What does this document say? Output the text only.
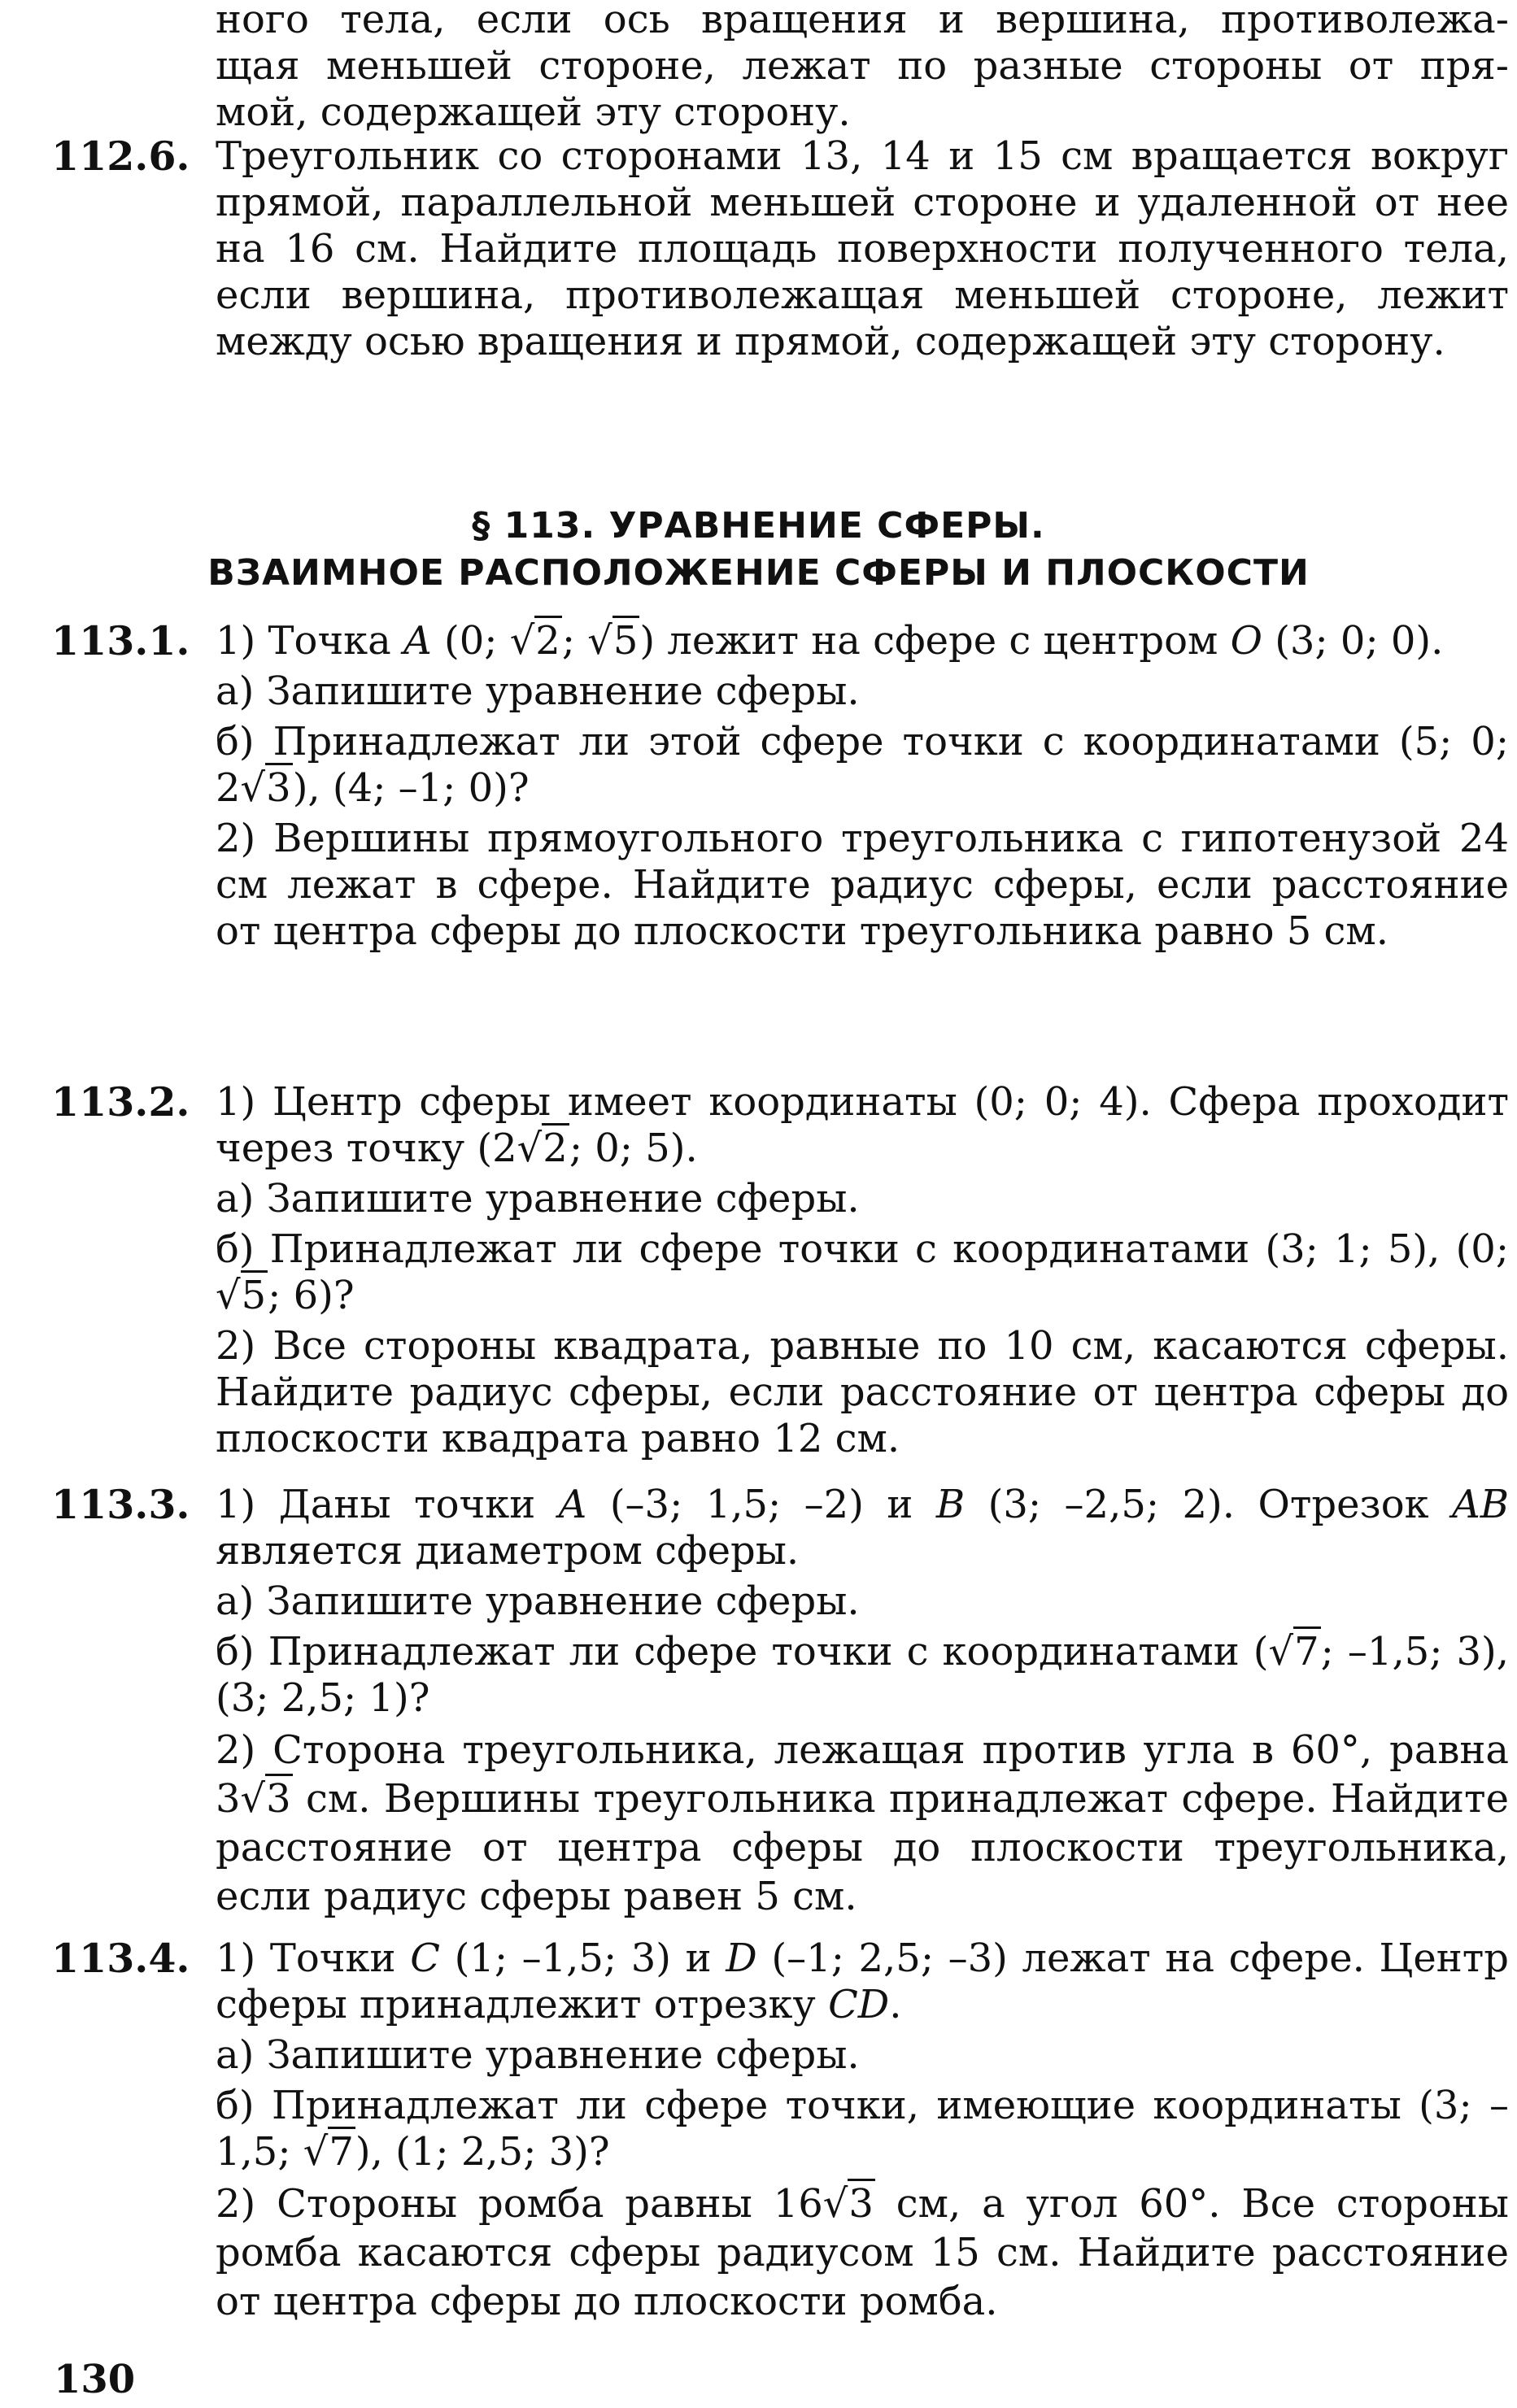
ного тела, если ось вращения и вершина, противолежа-

щая меньшей стороне, лежат по разные стороны от пря-

мой, содержащей эту сторону.

112.6. Треугольник со сторонами 13, 14 и 15 см вращается вокруг прямой, параллельной меньшей стороне и удаленной от нее на 16 см. Найдите площадь поверхности полученного тела, если вершина, противолежащая меньшей стороне, лежит между осью вращения и прямой, содержащей эту сторону.

§ 113. УРАВНЕНИЕ СФЕРЫ.
ВЗАИМНОЕ РАСПОЛОЖЕНИЕ СФЕРЫ И ПЛОСКОСТИ
113.1. 1) Точка A (0; √2; √5) лежит на сфере с центром O (3; 0; 0).

а) Запишите уравнение сферы.

б) Принадлежат ли этой сфере точки с координатами (5; 0; 2√3), (4; –1; 0)?

2) Вершины прямоугольного треугольника с гипотенузой 24 см лежат в сфере. Найдите радиус сферы, если расстояние от центра сферы до плоскости треугольника равно 5 см.

113.2. 1) Центр сферы имеет координаты (0; 0; 4). Сфера проходит через точку (2√2; 0; 5).

а) Запишите уравнение сферы.

б) Принадлежат ли сфере точки с координатами (3; 1; 5), (0; √5; 6)?

2) Все стороны квадрата, равные по 10 см, касаются сферы. Найдите радиус сферы, если расстояние от центра сферы до плоскости квадрата равно 12 см.

113.3. 1) Даны точки A (–3; 1,5; –2) и B (3; –2,5; 2). Отрезок AB является диаметром сферы.

а) Запишите уравнение сферы.

б) Принадлежат ли сфере точки с координатами (√7; –1,5; 3), (3; 2,5; 1)?

2) Сторона треугольника, лежащая против угла в 60°, равна 3√3 см. Вершины треугольника принадлежат сфере. Найдите расстояние от центра сферы до плоскости треугольника, если радиус сферы равен 5 см.

113.4. 1) Точки C (1; –1,5; 3) и D (–1; 2,5; –3) лежат на сфере. Центр сферы принадлежит отрезку CD.

а) Запишите уравнение сферы.

б) Принадлежат ли сфере точки, имеющие координаты (3; –1,5; √7), (1; 2,5; 3)?

2) Стороны ромба равны 16√3 см, а угол 60°. Все стороны ромба касаются сферы радиусом 15 см. Найдите расстояние от центра сферы до плоскости ромба.

130
